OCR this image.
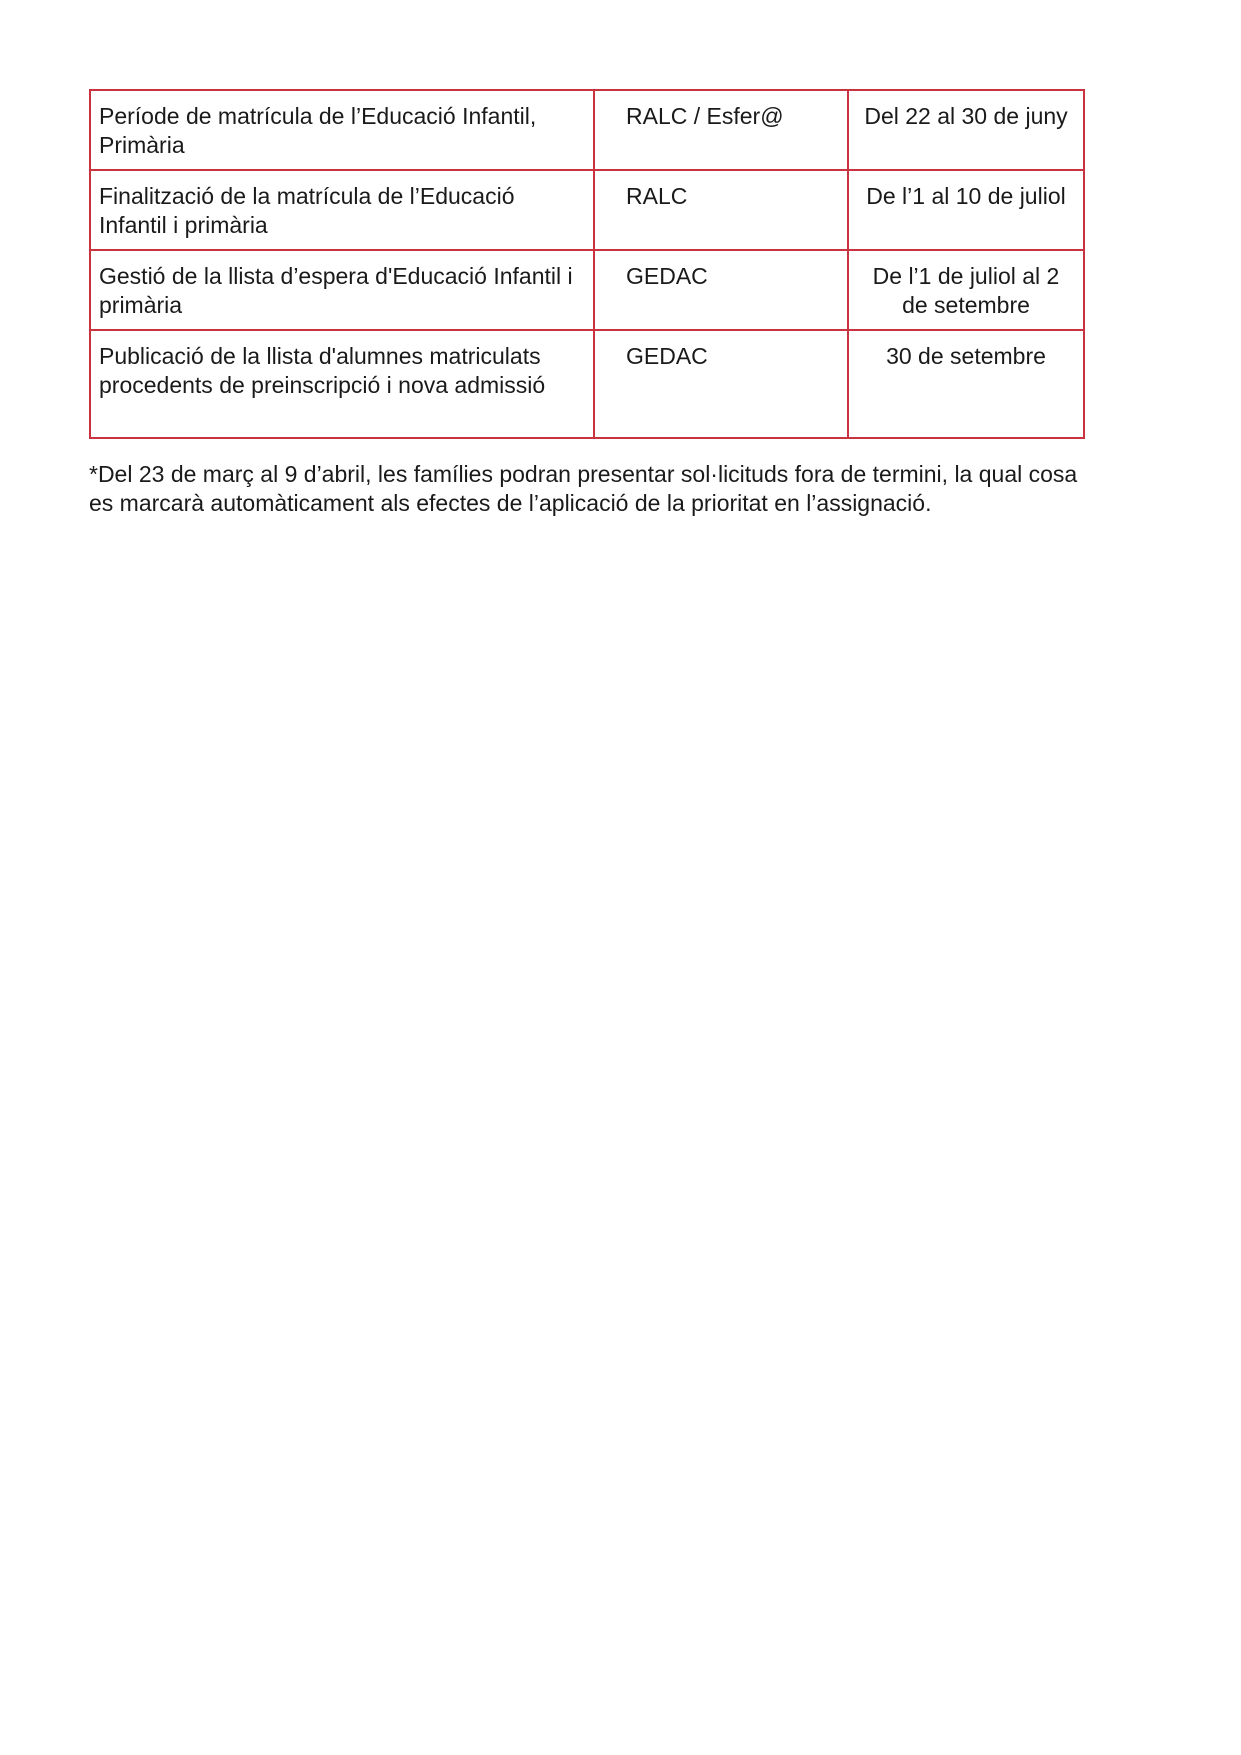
Període de matrícula de l’Educació Infantil, Primària	RALC / Esfer@	Del 22 al 30 de juny
Finalització de la matrícula de l’Educació Infantil i primària	RALC	De l’1 al 10 de juliol
Gestió de la llista d’espera d'Educació Infantil i primària	GEDAC	De l’1 de juliol al 2 de setembre
Publicació de la llista d'alumnes matriculats procedents de preinscripció i nova admissió	GEDAC	30 de setembre

*Del 23 de març al 9 d’abril, les famílies podran presentar sol·licituds fora de termini, la qual cosa es marcarà automàticament als efectes de l’aplicació de la prioritat en l’assignació.
